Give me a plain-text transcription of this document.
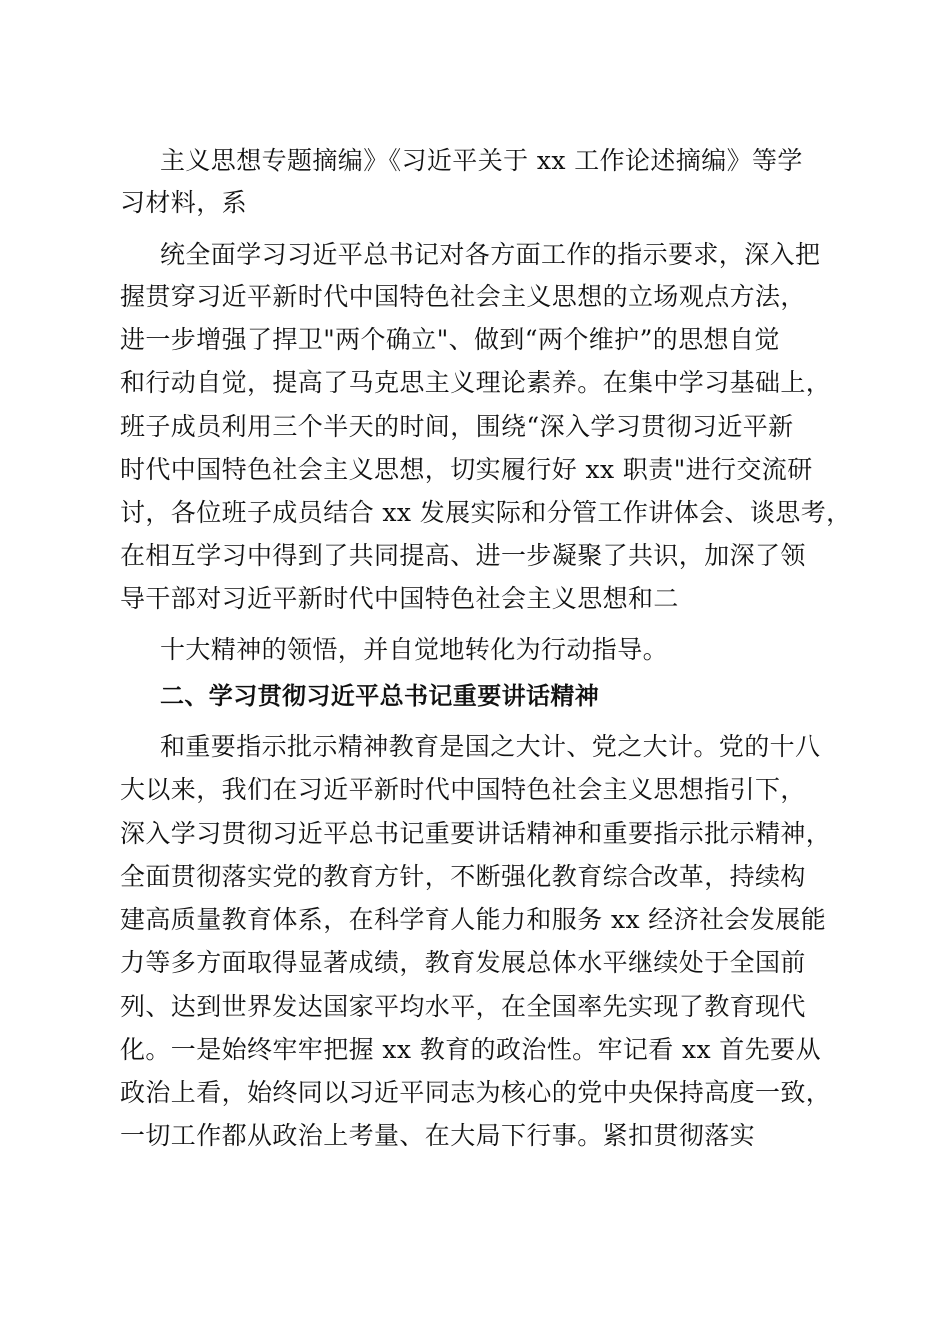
主义思想专题摘编》《习近平关于 xx 工作论述摘编》等学
习材料，系
统全面学习习近平总书记对各方面工作的指示要求，深入把
握贯穿习近平新时代中国特色社会主义思想的立场观点方法，
进一步增强了捍卫"两个确立"、做到“两个维护”的思想自觉
和行动自觉，提高了马克思主义理论素养。在集中学习基础上，
班子成员利用三个半天的时间，围绕“深入学习贯彻习近平新
时代中国特色社会主义思想，切实履行好 xx 职责"进行交流研
讨，各位班子成员结合 xx 发展实际和分管工作讲体会、谈思考，
在相互学习中得到了共同提高、进一步凝聚了共识，加深了领
导干部对习近平新时代中国特色社会主义思想和二
十大精神的领悟，并自觉地转化为行动指导。
二、学习贯彻习近平总书记重要讲话精神
和重要指示批示精神教育是国之大计、党之大计。党的十八
大以来，我们在习近平新时代中国特色社会主义思想指引下，
深入学习贯彻习近平总书记重要讲话精神和重要指示批示精神，
全面贯彻落实党的教育方针，不断强化教育综合改革，持续构
建高质量教育体系，在科学育人能力和服务 xx 经济社会发展能
力等多方面取得显著成绩，教育发展总体水平继续处于全国前
列、达到世界发达国家平均水平，在全国率先实现了教育现代
化。一是始终牢牢把握 xx 教育的政治性。牢记看 xx 首先要从
政治上看，始终同以习近平同志为核心的党中央保持高度一致，
一切工作都从政治上考量、在大局下行事。紧扣贯彻落实
